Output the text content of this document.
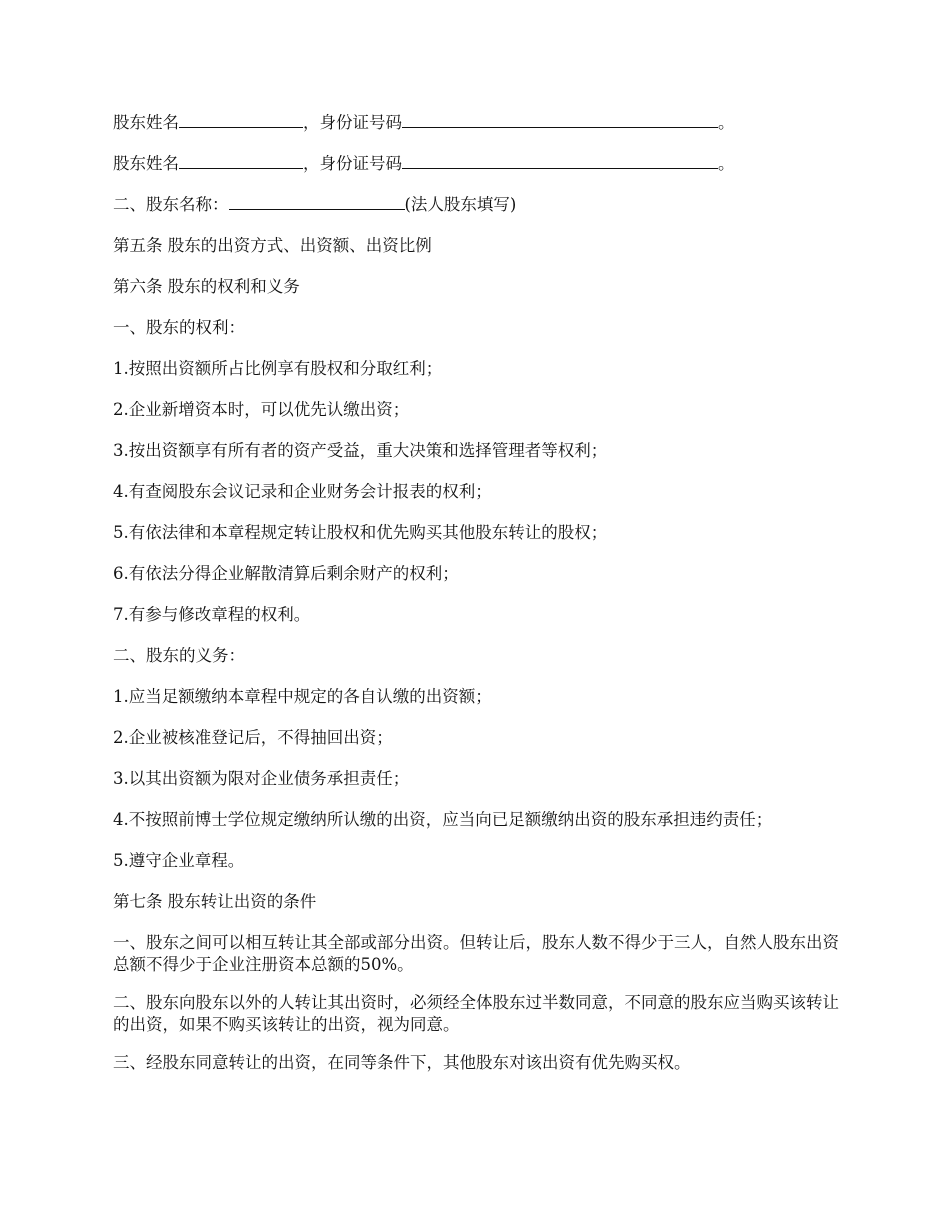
股东姓名	，身份证号码	。

股东姓名	，身份证号码	。

二、股东名称：	(法人股东填写)

第五条 股东的出资方式、出资额、出资比例

第六条 股东的权利和义务

一、股东的权利：

1.按照出资额所占比例享有股权和分取红利；

2.企业新增资本时，可以优先认缴出资；

3.按出资额享有所有者的资产受益，重大决策和选择管理者等权利；

4.有查阅股东会议记录和企业财务会计报表的权利；

5.有依法律和本章程规定转让股权和优先购买其他股东转让的股权；

6.有依法分得企业解散清算后剩余财产的权利；

7.有参与修改章程的权利。

二、股东的义务：

1.应当足额缴纳本章程中规定的各自认缴的出资额；

2.企业被核准登记后，不得抽回出资；

3.以其出资额为限对企业债务承担责任；

4.不按照前博士学位规定缴纳所认缴的出资，应当向已足额缴纳出资的股东承担违约责任；

5.遵守企业章程。

第七条 股东转让出资的条件

一、股东之间可以相互转让其全部或部分出资。但转让后，股东人数不得少于三人，自然人股东出资总额不得少于企业注册资本总额的50%。

二、股东向股东以外的人转让其出资时，必须经全体股东过半数同意，不同意的股东应当购买该转让的出资，如果不购买该转让的出资，视为同意。

三、经股东同意转让的出资，在同等条件下，其他股东对该出资有优先购买权。
